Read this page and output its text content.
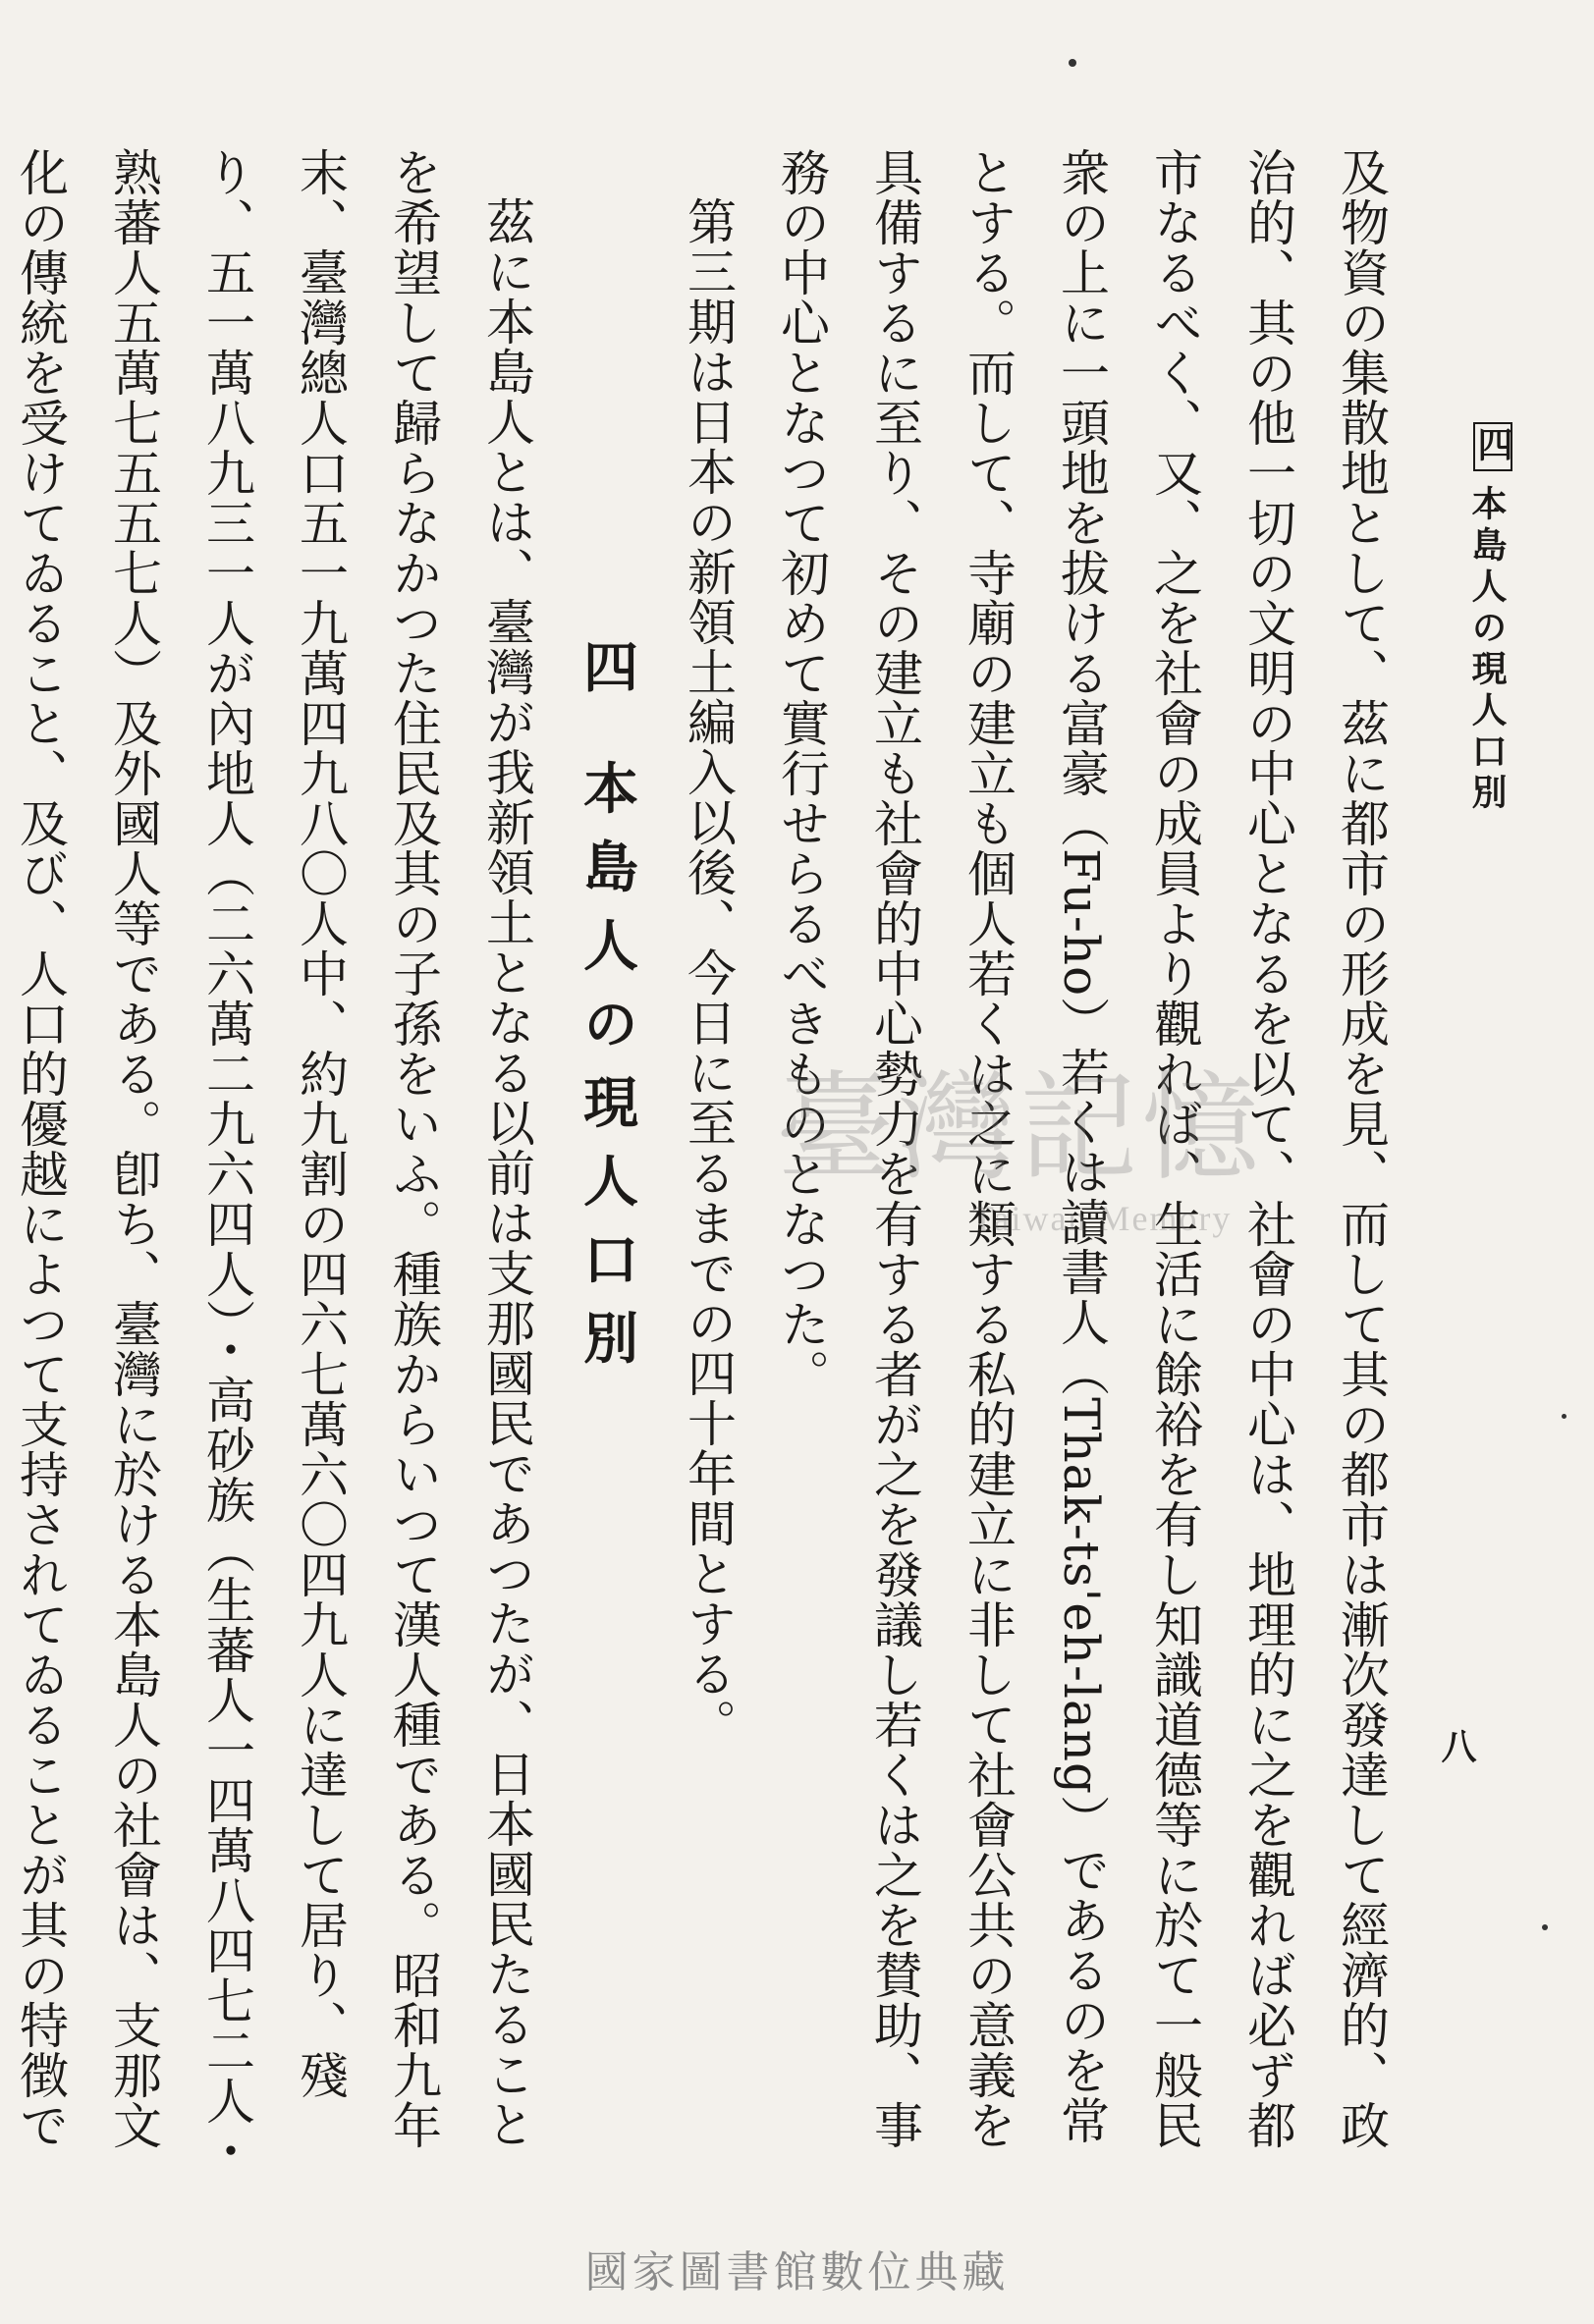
四
本島人の現人口別
八

及物資の集散地として、茲に都市の形成を見、而して其の都市は漸次發達して經濟的、政治的、其の他一切の文明の中心となるを以て、社會の中心は、地理的に之を觀れば必ず都市なるべく、又、之を社會の成員より觀れば、生活に餘裕を有し知識道德等に於て一般民衆の上に一頭地を拔ける富豪（Fu-ho）若くは讀書人（Thak-ts'eh-lang）であるのを常とする。而して、寺廟の建立も個人若くは之に類する私的建立に非して社會公共の意義を具備するに至り、その建立も社會的中心勢力を有する者が之を發議し若くは之を賛助、事務の中心となつて初めて實行せらるべきものとなつた。

第三期は日本の新領土編入以後、今日に至るまでの四十年間とする。

四 本島人の現人口別

茲に本島人とは、臺灣が我新領土となる以前は支那國民であつたが、日本國民たることを希望して歸らなかつた住民及其の子孫をいふ。種族からいつて漢人種である。昭和九年末、臺灣總人口五一九萬四九八〇人中、約九割の四六七萬六〇四九人に達して居り、殘り、五一萬八九三一人が內地人（二六萬二九六四人）・高砂族（生蕃人一四萬八四七二人・熟蕃人五萬七五五七人）及外國人等である。卽ち、臺灣に於ける本島人の社會は、支那文化の傳統を受けてゐること、及び、人口的優越によつて支持されてゐることが其の特徴で

臺灣記憶
Taiwan Memory
國家圖書館數位典藏
